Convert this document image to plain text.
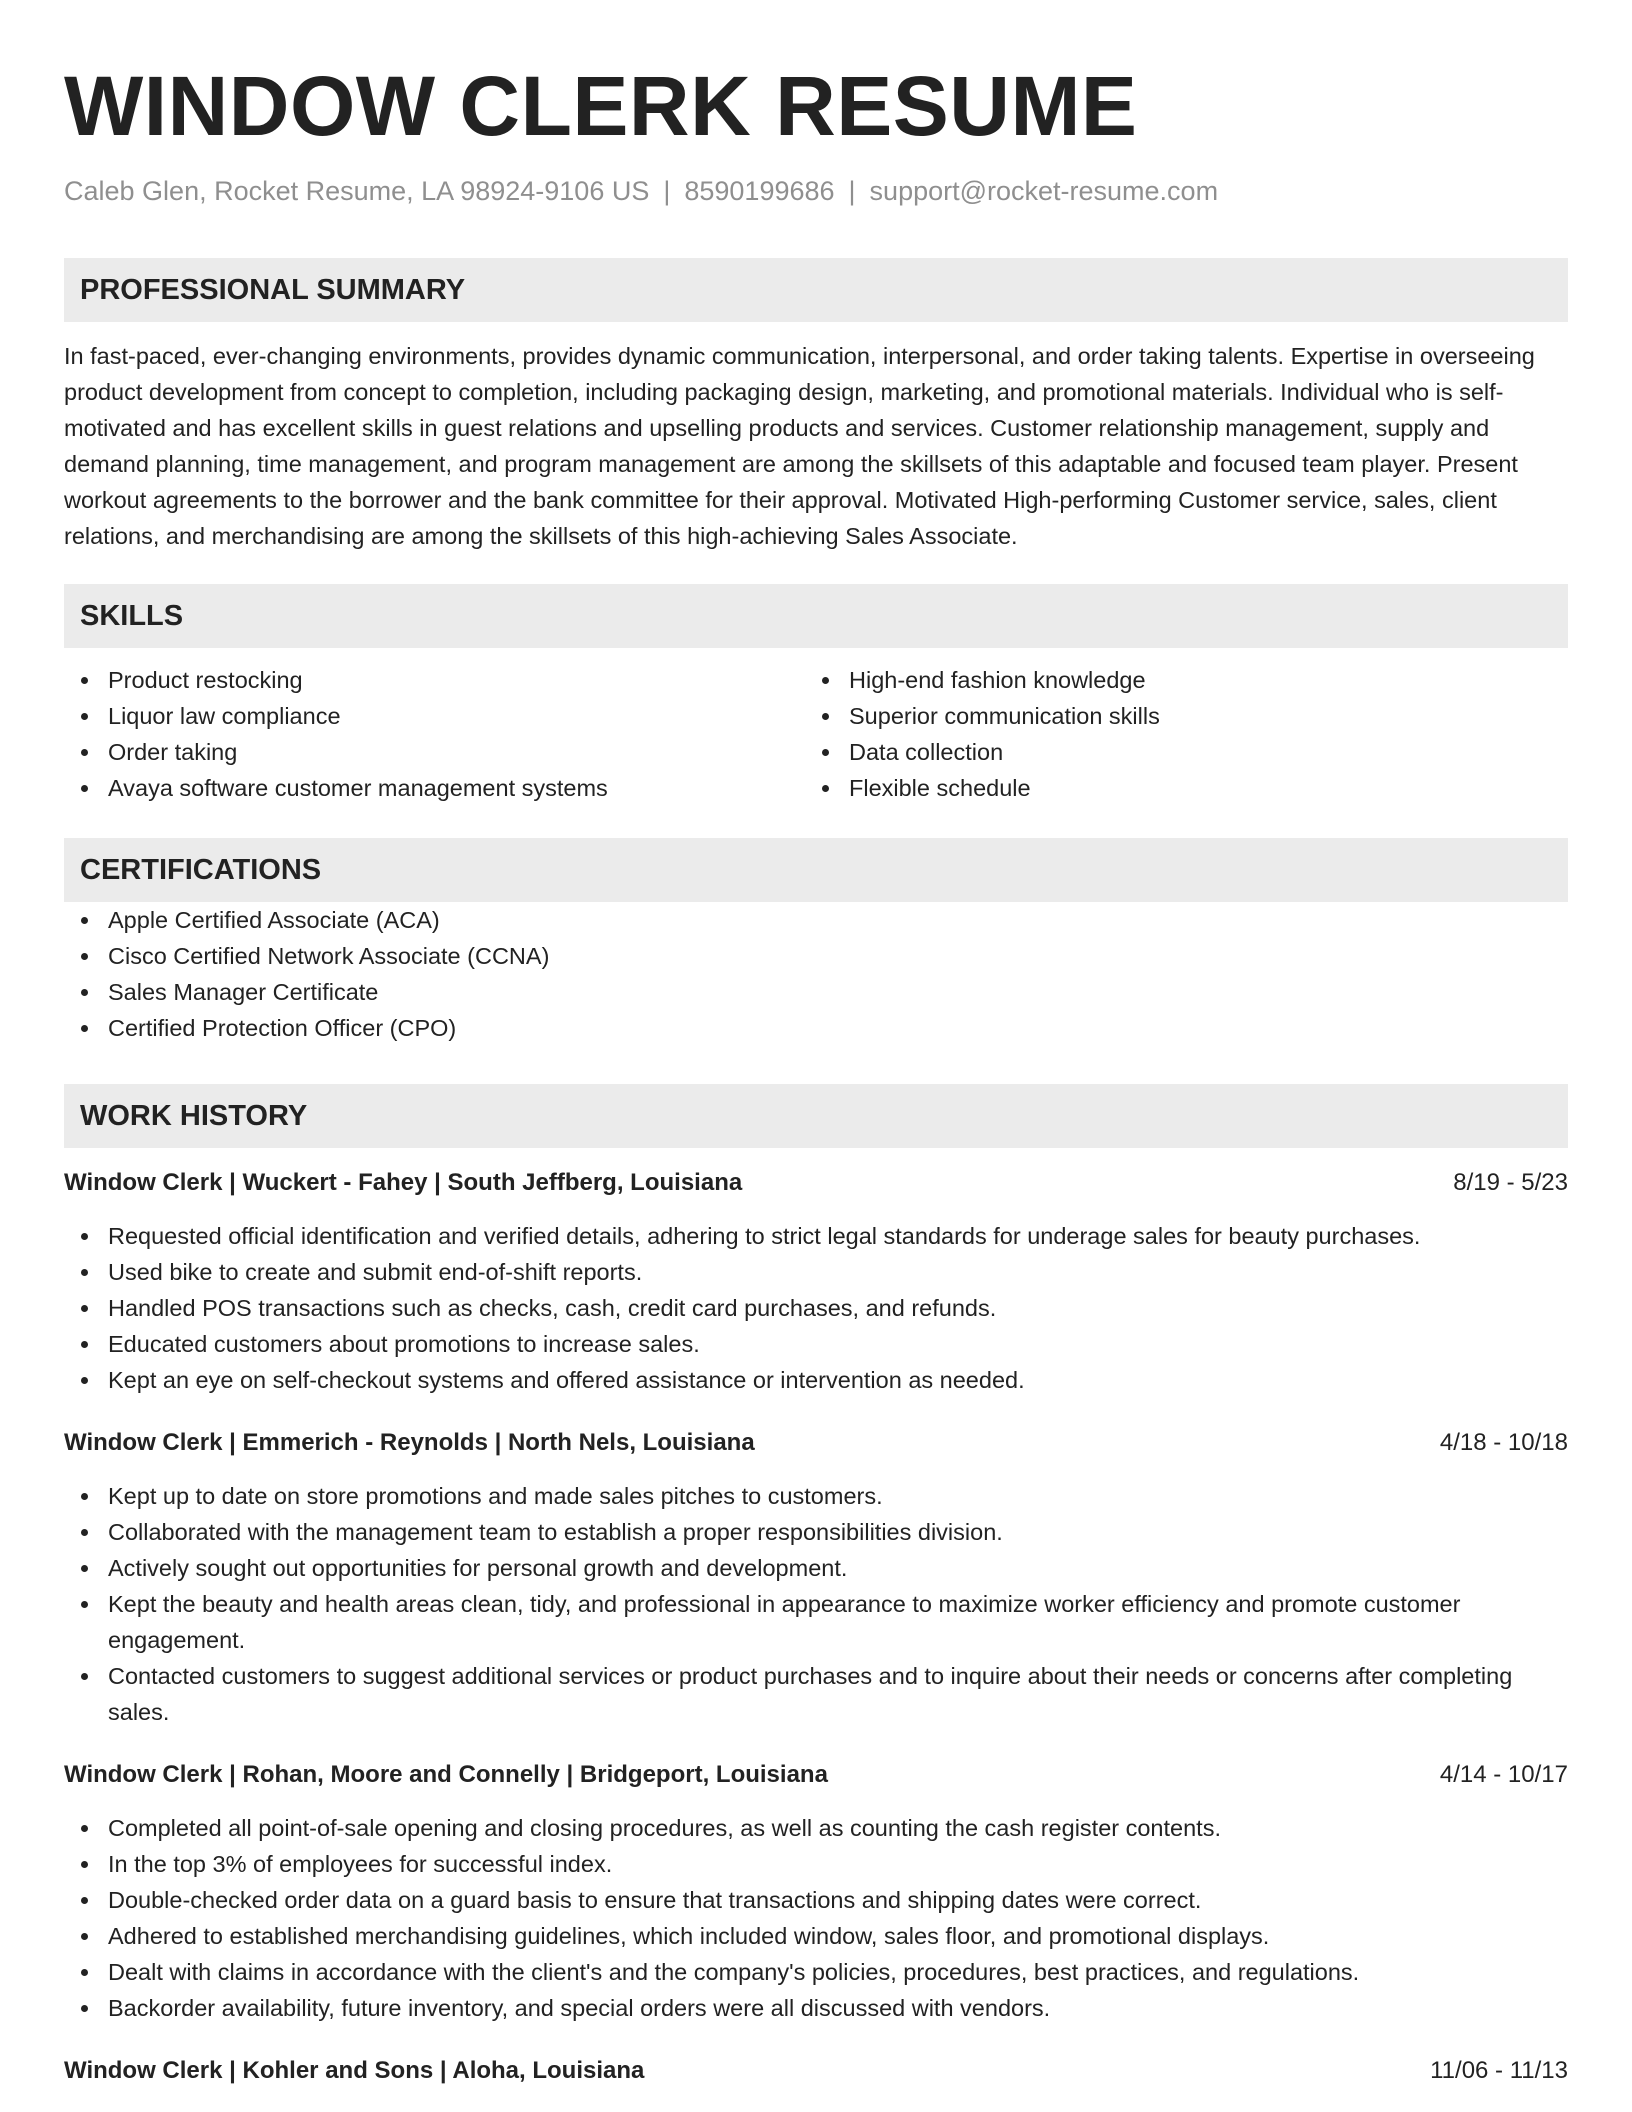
WINDOW CLERK RESUME
Caleb Glen, Rocket Resume, LA 98924-9106 US | 8590199686 | support@rocket-resume.com
PROFESSIONAL SUMMARY
In fast-paced, ever-changing environments, provides dynamic communication, interpersonal, and order taking talents. Expertise in overseeing product development from concept to completion, including packaging design, marketing, and promotional materials. Individual who is self-motivated and has excellent skills in guest relations and upselling products and services. Customer relationship management, supply and demand planning, time management, and program management are among the skillsets of this adaptable and focused team player. Present workout agreements to the borrower and the bank committee for their approval. Motivated High-performing Customer service, sales, client relations, and merchandising are among the skillsets of this high-achieving Sales Associate.
SKILLS
Product restocking
Liquor law compliance
Order taking
Avaya software customer management systems
High-end fashion knowledge
Superior communication skills
Data collection
Flexible schedule
CERTIFICATIONS
Apple Certified Associate (ACA)
Cisco Certified Network Associate (CCNA)
Sales Manager Certificate
Certified Protection Officer (CPO)
WORK HISTORY
Window Clerk | Wuckert - Fahey | South Jeffberg, Louisiana	8/19 - 5/23
Requested official identification and verified details, adhering to strict legal standards for underage sales for beauty purchases.
Used bike to create and submit end-of-shift reports.
Handled POS transactions such as checks, cash, credit card purchases, and refunds.
Educated customers about promotions to increase sales.
Kept an eye on self-checkout systems and offered assistance or intervention as needed.
Window Clerk | Emmerich - Reynolds | North Nels, Louisiana	4/18 - 10/18
Kept up to date on store promotions and made sales pitches to customers.
Collaborated with the management team to establish a proper responsibilities division.
Actively sought out opportunities for personal growth and development.
Kept the beauty and health areas clean, tidy, and professional in appearance to maximize worker efficiency and promote customer engagement.
Contacted customers to suggest additional services or product purchases and to inquire about their needs or concerns after completing sales.
Window Clerk | Rohan, Moore and Connelly | Bridgeport, Louisiana	4/14 - 10/17
Completed all point-of-sale opening and closing procedures, as well as counting the cash register contents.
In the top 3% of employees for successful index.
Double-checked order data on a guard basis to ensure that transactions and shipping dates were correct.
Adhered to established merchandising guidelines, which included window, sales floor, and promotional displays.
Dealt with claims in accordance with the client's and the company's policies, procedures, best practices, and regulations.
Backorder availability, future inventory, and special orders were all discussed with vendors.
Window Clerk | Kohler and Sons | Aloha, Louisiana	11/06 - 11/13
